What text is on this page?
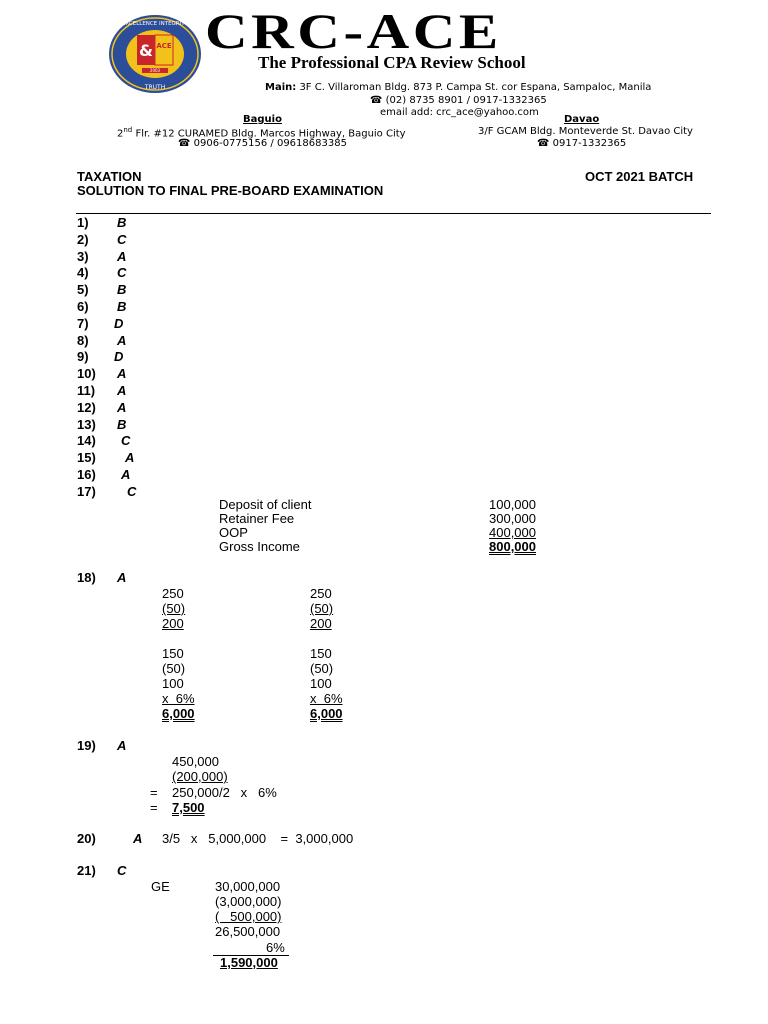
& ACE
2003
TRUTH
EXCELLENCE INTEGRITY CRC-ACE
The Professional CPA Review School
Main: 3F C. Villaroman Bldg. 873 P. Campa St. cor Espana, Sampaloc, Manila
☎ (02) 8735 8901 / 0917-1332365
email add: crc_ace@yahoo.com
Baguio
2nd Flr. #12 CURAMED Bldg. Marcos Highway, Baguio City
☎ 0906-0775156 / 09618683385
Davao
3/F GCAM Bldg. Monteverde St. Davao City
☎ 0917-1332365
TAXATION
SOLUTION TO FINAL PRE-BOARD EXAMINATION
OCT 2021 BATCH
1) B
2) C
3) A
4) C
5) B
6) B
7) D
8) A
9) D
10) A
11) A
12) A
13) B
14) C
15) A
16) A
17) C
Deposit of client
Retainer Fee
OOP
Gross Income
100,000
300,000
400,000
800,000
18) A
250
(50)
200
150
(50)
100
x  6%
6,000
250
(50)
200
150
(50)
100
x  6%
6,000
19) A
450,000
(200,000)
= 250,000/2   x   6%
= 7,500
20)	A 3/5   x   5,000,000    =  3,000,000
21) C
GE	30,000,000
(3,000,000)
(   500,000)
26,500,000
6%
1,590,000
